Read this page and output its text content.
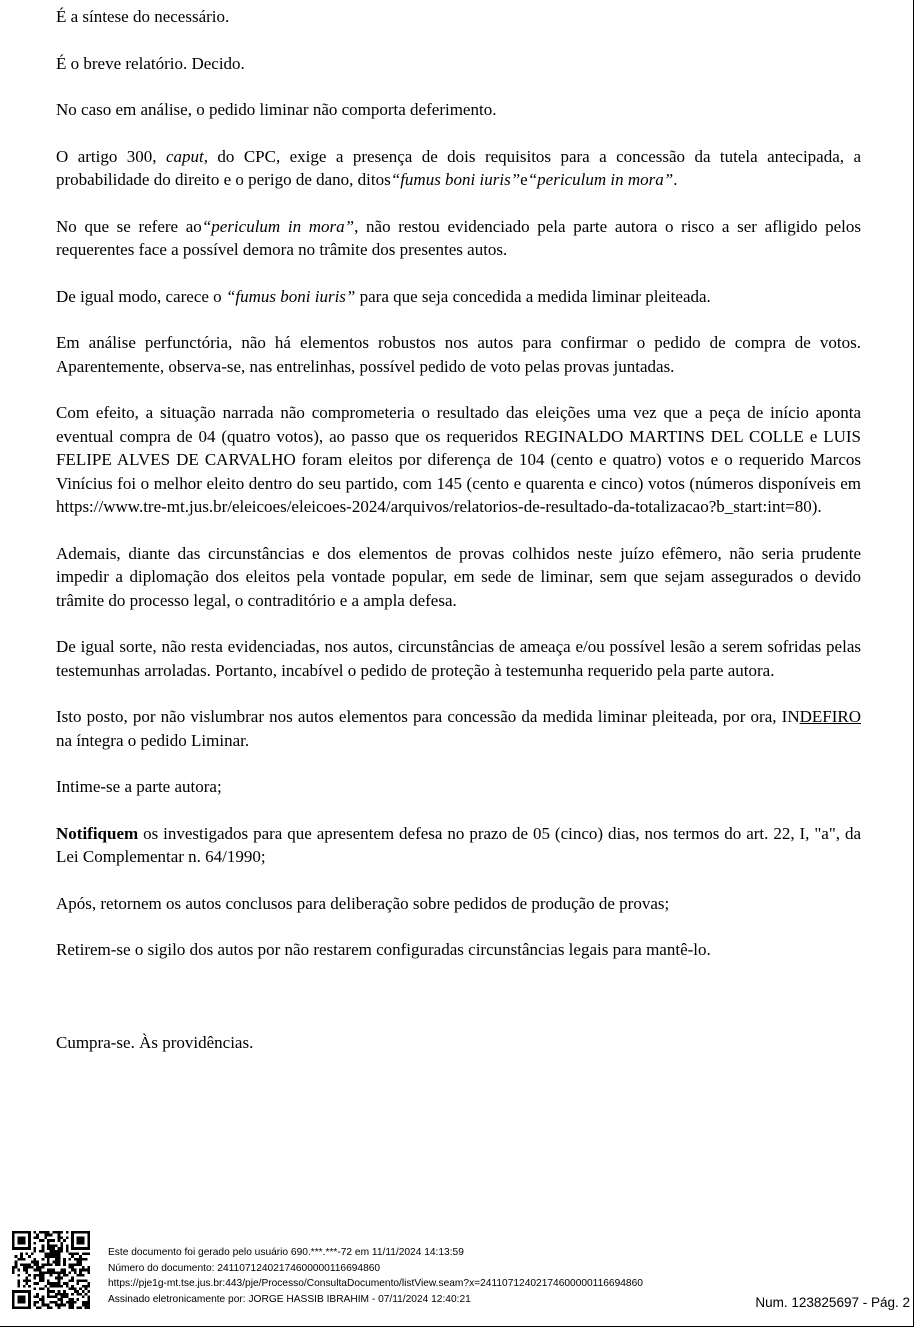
É a síntese do necessário.

É o breve relatório. Decido.

No caso em análise, o pedido liminar não comporta deferimento.

O artigo 300, caput, do CPC, exige a presença de dois requisitos para a concessão da tutela antecipada, a probabilidade do direito e o perigo de dano, ditos“fumus boni iuris”e“periculum in mora”.

No que se refere ao“periculum in mora”, não restou evidenciado pela parte autora o risco a ser afligido pelos requerentes face a possível demora no trâmite dos presentes autos.

De igual modo, carece o “fumus boni iuris” para que seja concedida a medida liminar pleiteada.

Em análise perfunctória, não há elementos robustos nos autos para confirmar o pedido de compra de votos. Aparentemente, observa-se, nas entrelinhas, possível pedido de voto pelas provas juntadas.

Com efeito, a situação narrada não comprometeria o resultado das eleições uma vez que a peça de início aponta eventual compra de 04 (quatro votos), ao passo que os requeridos REGINALDO MARTINS DEL COLLE e LUIS FELIPE ALVES DE CARVALHO foram eleitos por diferença de 104 (cento e quatro) votos e o requerido Marcos Vinícius foi o melhor eleito dentro do seu partido, com 145 (cento e quarenta e cinco) votos (números disponíveis em https://www.tre-mt.jus.br/eleicoes/eleicoes-2024/arquivos/relatorios-de-resultado-da-totalizacao?b_start:int=80).

Ademais, diante das circunstâncias e dos elementos de provas colhidos neste juízo efêmero, não seria prudente impedir a diplomação dos eleitos pela vontade popular, em sede de liminar, sem que sejam assegurados o devido trâmite do processo legal, o contraditório e a ampla defesa.

De igual sorte, não resta evidenciadas, nos autos, circunstâncias de ameaça e/ou possível lesão a serem sofridas pelas testemunhas arroladas. Portanto, incabível o pedido de proteção à testemunha requerido pela parte autora.

Isto posto, por não vislumbrar nos autos elementos para concessão da medida liminar pleiteada, por ora, INDEFIRO na íntegra o pedido Liminar.

Intime-se a parte autora;

Notifiquem os investigados para que apresentem defesa no prazo de 05 (cinco) dias, nos termos do art. 22, I, "a", da Lei Complementar n. 64/1990;

Após, retornem os autos conclusos para deliberação sobre pedidos de produção de provas;

Retirem-se o sigilo dos autos por não restarem configuradas circunstâncias legais para mantê-lo.

Cumpra-se. Às providências.

Este documento foi gerado pelo usuário 690.***.***-72 em 11/11/2024 14:13:59
Número do documento: 24110712402174600000116694860
https://pje1g-mt.tse.jus.br:443/pje/Processo/ConsultaDocumento/listView.seam?x=24110712402174600000116694860
Assinado eletronicamente por: JORGE HASSIB IBRAHIM - 07/11/2024 12:40:21	Num. 123825697 - Pág. 2
